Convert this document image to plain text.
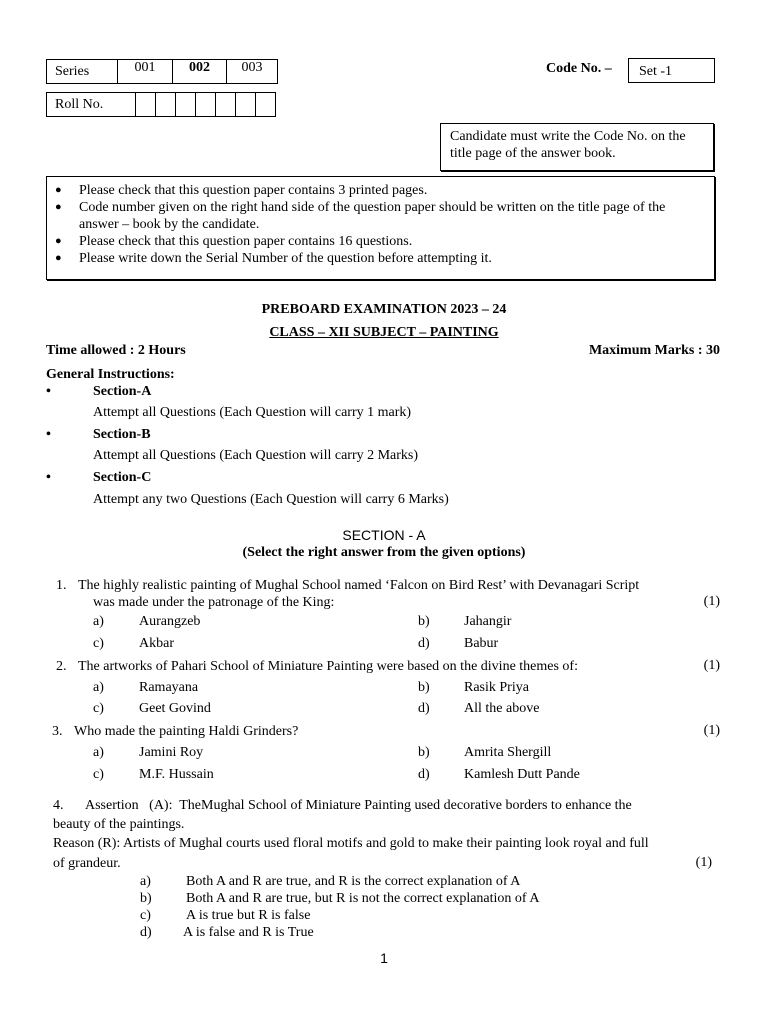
Series	001	002	003
Roll No.							
Code No. –	Set -1
Candidate must write the Code No. on the title page of the answer book.
● Please check that this question paper contains 3 printed pages.
● Code number given on the right hand side of the question paper should be written on the title page of the answer – book by the candidate.
● Please check that this question paper contains 16 questions.
● Please write down the Serial Number of the question before attempting it.
PREBOARD EXAMINATION 2023 – 24
CLASS – XII SUBJECT – PAINTING
Time allowed : 2 Hours	Maximum Marks : 30
General Instructions:
•	Section-A
Attempt all Questions (Each Question will carry 1 mark)
•	Section-B
Attempt all Questions (Each Question will carry 2 Marks)
•	Section-C
Attempt any two Questions (Each Question will carry 6 Marks)
SECTION - A
(Select the right answer from the given options)
1. The highly realistic painting of Mughal School named ‘Falcon on Bird Rest’ with Devanagari Script
was made under the patronage of the King:	(1)
a)	Aurangzeb	b) Jahangir
c)	Akbar	d) Babur
2. The artworks of Pahari School of Miniature Painting were based on the divine themes of:	(1)
a)	Ramayana	b) Rasik Priya
c)	Geet Govind	d) All the above
3. Who made the painting Haldi Grinders?	(1)
a)	Jamini Roy	b) Amrita Shergill
c)	M.F. Hussain	d) Kamlesh Dutt Pande
4. Assertion   (A):  TheMughal School of Miniature Painting used decorative borders to enhance the
beauty of the paintings.
Reason (R): Artists of Mughal courts used floral motifs and gold to make their painting look royal and full
of grandeur.	(1)
a)	Both A and R are true, and R is the correct explanation of A
b) Both A and R are true, but R is not the correct explanation of A
c)	A is true but R is false
d) A is false and R is True
1
